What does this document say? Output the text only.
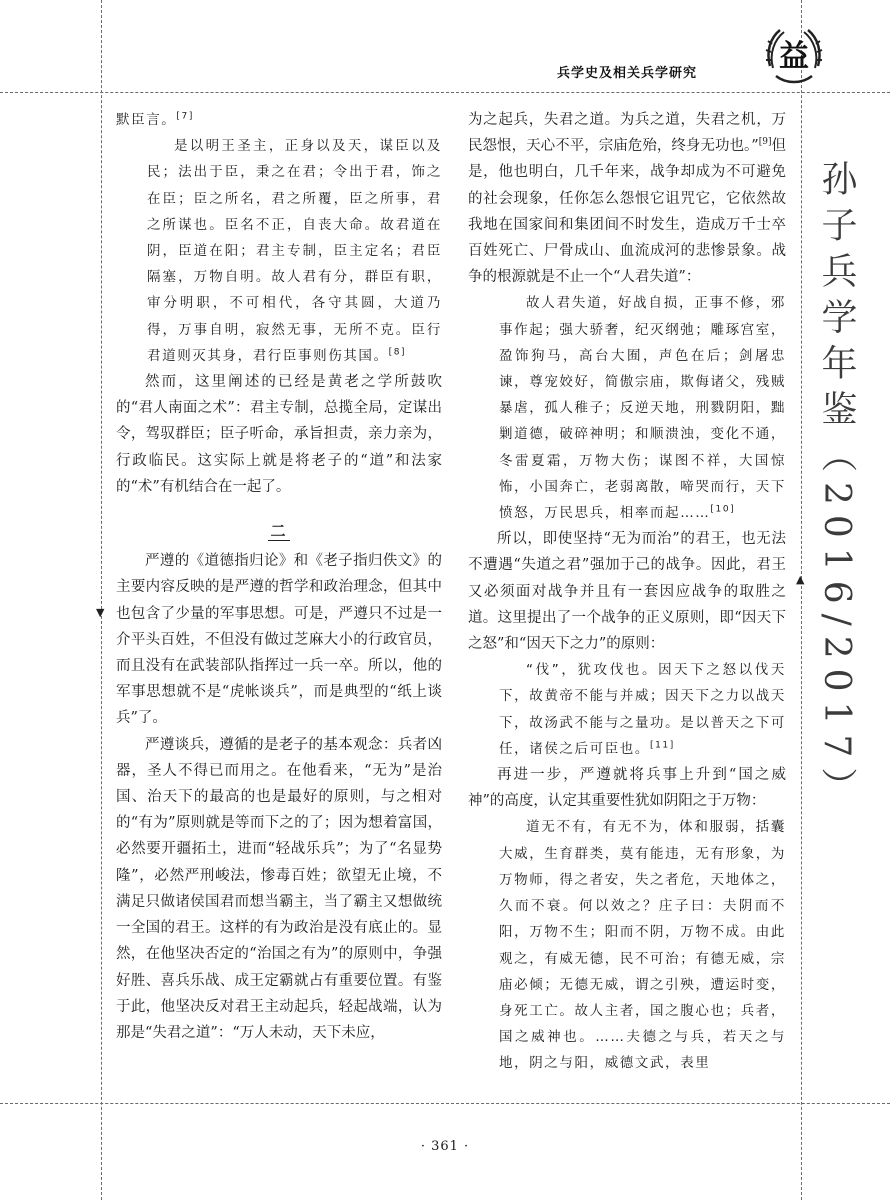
▼
▲
兵学史及相关兵学研究	益
孙子兵学年鉴（2016/2017）

默臣言。[7]

是以明王圣主，正身以及天，谋臣以及民；法出于臣，秉之在君；令出于君，饰之在臣；臣之所名，君之所覆，臣之所事，君之所谋也。臣名不正，自丧大命。故君道在阴，臣道在阳；君主专制，臣主定名；君臣隔塞，万物自明。故人君有分，群臣有职，审分明职，不可相代，各守其圆，大道乃得，万事自明，寂然无事，无所不克。臣行君道则灭其身，君行臣事则伤其国。[8]

然而，这里阐述的已经是黄老之学所鼓吹的“君人南面之术”：君主专制，总揽全局，定谋出令，驾驭群臣；臣子听命，承旨担责，亲力亲为，行政临民。这实际上就是将老子的“道”和法家的“术”有机结合在一起了。

二

严遵的《道德指归论》和《老子指归佚文》的主要内容反映的是严遵的哲学和政治理念，但其中也包含了少量的军事思想。可是，严遵只不过是一介平头百姓，不但没有做过芝麻大小的行政官员，而且没有在武装部队指挥过一兵一卒。所以，他的军事思想就不是“虎帐谈兵”，而是典型的“纸上谈兵”了。

严遵谈兵，遵循的是老子的基本观念：兵者凶器，圣人不得已而用之。在他看来，“无为”是治国、治天下的最高的也是最好的原则，与之相对的“有为”原则就是等而下之的了；因为想着富国，必然要开疆拓土，进而“轻战乐兵”；为了“名显势隆”，必然严刑峻法，惨毒百姓；欲望无止境，不满足只做诸侯国君而想当霸主，当了霸主又想做统一全国的君王。这样的有为政治是没有底止的。显然，在他坚决否定的“治国之有为”的原则中，争强好胜、喜兵乐战、成王定霸就占有重要位置。有鉴于此，他坚决反对君王主动起兵，轻起战端，认为那是“失君之道”：“万人未动，天下未应，

为之起兵，失君之道。为兵之道，失君之机，万民怨恨，天心不平，宗庙危殆，终身无功也。”[9]但是，他也明白，几千年来，战争却成为不可避免的社会现象，任你怎么怨恨它诅咒它，它依然故我地在国家间和集团间不时发生，造成万千士卒百姓死亡、尸骨成山、血流成河的悲惨景象。战争的根源就是不止一个“人君失道”：

故人君失道，好战自损，正事不修，邪事作起；强大骄奢，纪灭纲弛；雕琢宫室，盈饰狗马，高台大囿，声色在后；剑屠忠谏，尊宠姣好，简傲宗庙，欺侮诸父，残贼暴虐，孤人稚子；反逆天地，刑戮阴阳，黜剿道德，破碎神明；和顺溃浊，变化不通，冬雷夏霜，万物大伤；谋图不祥，大国惊怖，小国奔亡，老弱离散，啼哭而行，天下愤怒，万民思兵，相率而起……[10]

所以，即使坚持“无为而治”的君王，也无法不遭遇“失道之君”强加于己的战争。因此，君王又必须面对战争并且有一套因应战争的取胜之道。这里提出了一个战争的正义原则，即“因天下之怒”和“因天下之力”的原则：

“伐”，犹攻伐也。因天下之怒以伐天下，故黄帝不能与并威；因天下之力以战天下，故汤武不能与之量功。是以普天之下可任，诸侯之后可臣也。[11]

再进一步，严遵就将兵事上升到“国之威神”的高度，认定其重要性犹如阴阳之于万物：

道无不有，有无不为，体和服弱，括囊大威，生育群类，莫有能违，无有形象，为万物师，得之者安，失之者危，天地体之，久而不衰。何以效之？庄子曰：夫阴而不阳，万物不生；阳而不阴，万物不成。由此观之，有威无德，民不可治；有德无威，宗庙必倾；无德无威，谓之引殃，遭运时变，身死工亡。故人主者，国之腹心也；兵者，国之威神也。……夫德之与兵，若天之与地，阴之与阳，威德文武，表里

· 361 ·
